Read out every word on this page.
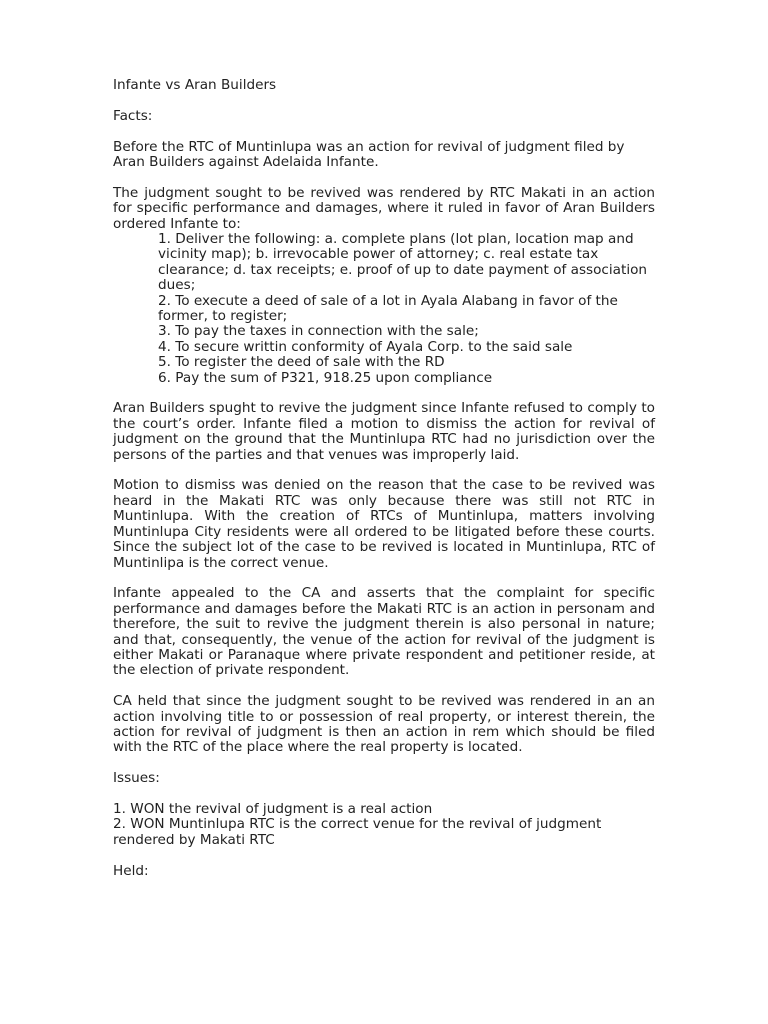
Infante vs Aran Builders

Facts:

Before the RTC of Muntinlupa was an action for revival of judgment filed by Aran Builders against Adelaida Infante.

The judgment sought to be revived was rendered by RTC Makati in an action for specific performance and damages, where it ruled in favor of Aran Builders ordered Infante to:

1. Deliver the following: a. complete plans (lot plan, location map and vicinity map); b. irrevocable power of attorney; c. real estate tax clearance; d. tax receipts; e. proof of up to date payment of association dues;
2. To execute a deed of sale of a lot in Ayala Alabang in favor of the former, to register;
3. To pay the taxes in connection with the sale;
4. To secure writtin conformity of Ayala Corp. to the said sale
5. To register the deed of sale with the RD
6. Pay the sum of P321, 918.25 upon compliance

Aran Builders spught to revive the judgment since Infante refused to comply to the court’s order. Infante filed a motion to dismiss the action for revival of judgment on the ground that the Muntinlupa RTC had no jurisdiction over the persons of the parties and that venues was improperly laid.

Motion to dismiss was denied on the reason that the case to be revived was heard in the Makati RTC was only because there was still not RTC in Muntinlupa. With the creation of RTCs of Muntinlupa, matters involving Muntinlupa City residents were all ordered to be litigated before these courts. Since the subject lot of the case to be revived is located in Muntinlupa, RTC of Muntinlipa is the correct venue.

Infante appealed to the CA and asserts that the complaint for specific performance and damages before the Makati RTC is an action in personam and therefore, the suit to revive the judgment therein is also personal in nature; and that, consequently, the venue of the action for revival of the judgment is either Makati or Paranaque where private respondent and petitioner reside, at the election of private respondent.

CA held that since the judgment sought to be revived was rendered in an an action involving title to or possession of real property, or interest therein, the action for revival of judgment is then an action in rem which should be filed with the RTC of the place where the real property is located.

Issues:

1. WON the revival of judgment is a real action
2. WON Muntinlupa RTC is the correct venue for the revival of judgment rendered by Makati RTC

Held:
